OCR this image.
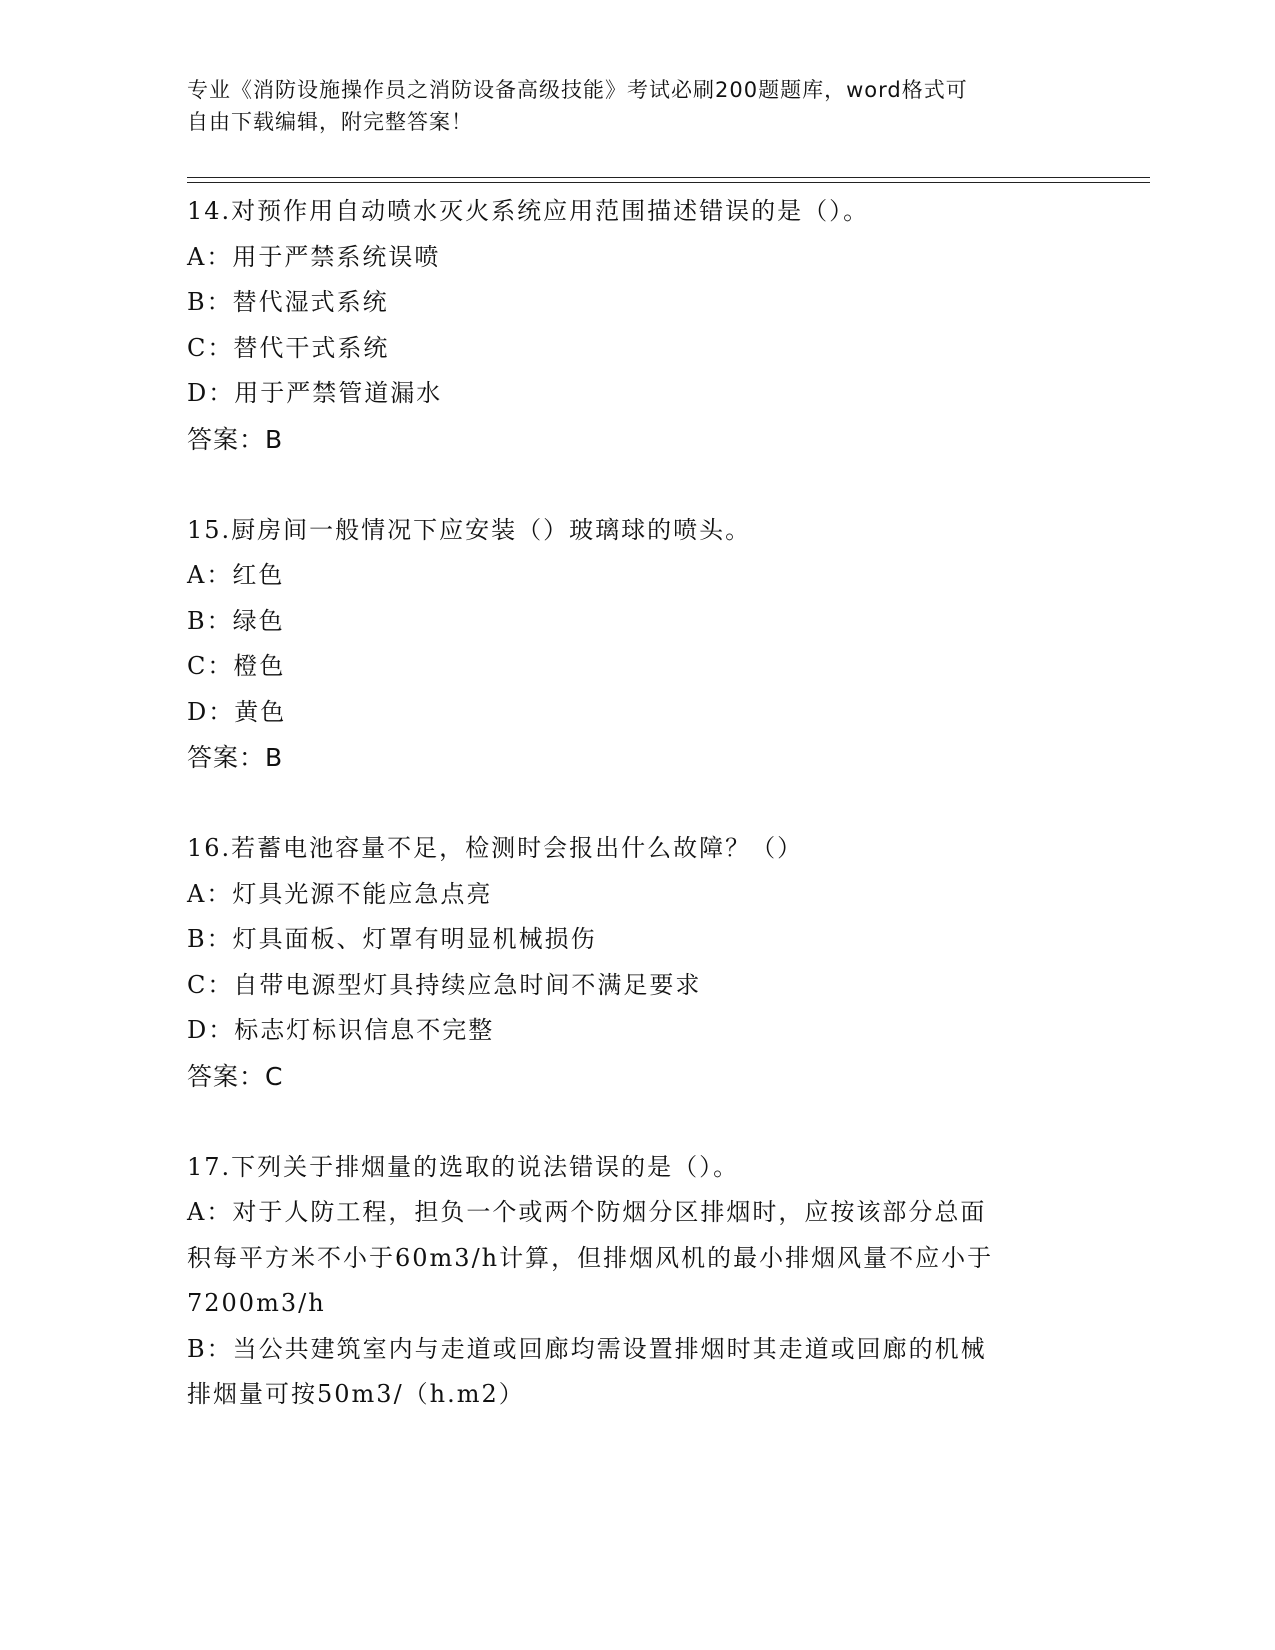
专业《消防设施操作员之消防设备高级技能》考试必刷200题题库，word格式可
自由下载编辑，附完整答案！

14.对预作用自动喷水灭火系统应用范围描述错误的是（）。

A：用于严禁系统误喷

B：替代湿式系统

C：替代干式系统

D：用于严禁管道漏水

答案：B

15.厨房间一般情况下应安装（）玻璃球的喷头。

A：红色

B：绿色

C：橙色

D：黄色

答案：B

16.若蓄电池容量不足，检测时会报出什么故障？（）

A：灯具光源不能应急点亮

B：灯具面板、灯罩有明显机械损伤

C：自带电源型灯具持续应急时间不满足要求

D：标志灯标识信息不完整

答案：C

17.下列关于排烟量的选取的说法错误的是（）。

A：对于人防工程，担负一个或两个防烟分区排烟时，应按该部分总面

积每平方米不小于60m3/h计算，但排烟风机的最小排烟风量不应小于

7200m3/h

B：当公共建筑室内与走道或回廊均需设置排烟时其走道或回廊的机械

排烟量可按50m3/（h.m2）
